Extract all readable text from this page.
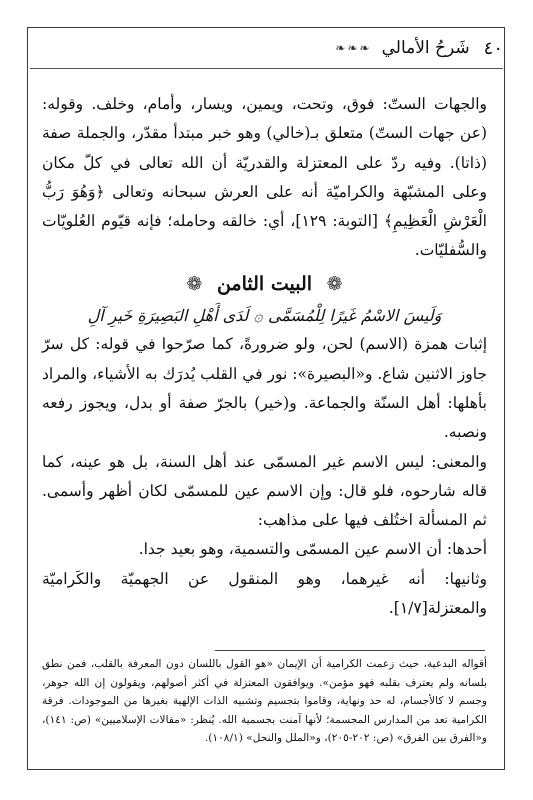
٤٠
شَرحُ الأمالي
❧❧❧

والجهات الستّ: فوق، وتحت، ويمين، ويسار، وأمام، وخلف. وقوله: (عن جهات الستّ) متعلق بـ(خالي) وهو خبر مبتدأ مقدّر، والجملة صفة (ذاتا). وفيه ردّ على المعتزلة والقدريّة أن الله تعالى في كلّ مكان وعلى المشبّهة والكراميّة أنه على العرش سبحانه وتعالى ﴿وَهُوَ رَبُّ الْعَرْشِ الْعَظِيمِ﴾ [التوبة: ١٢٩]، أي: خالقه وحامله؛ فإنه قيّوم العُلويّات والسُّفليّات.

❁ البيت الثامن ❁

وَلَيسَ الاسْمُ غَيرًا لِلْمُسَمَّى ۞ لَدَى أَهْلِ البَصِيرَةِ خَيرِ آلِ

إثبات همزة (الاسم) لحن، ولو ضرورةً، كما صرّحوا في قوله: كل سرّ جاوز الاثنين شاع. و«البصيرة»: نور في القلب يُدرَك به الأشياء، والمراد بأهلها: أهل السنّة والجماعة. و(خير) بالجرّ صفة أو بدل، ويجوز رفعه ونصبه.

والمعنى: ليس الاسم غير المسمّى عند أهل السنة، بل هو عينه، كما قاله شارحوه، فلو قال: وإن الاسم عين للمسمّى لكان أظهر وأسمى. ثم المسألة اختُلف فيها على مذاهب:

أحدها: أن الاسم عين المسمّى والتسمية، وهو بعيد جدا.

وثانيها: أنه غيرهما، وهو المنقول عن الجهميّة والكَراميّة والمعتزلة[١/٧].

أقواله البدعية، حيث زعمت الكرامية أن الإيمان «هو القول باللسان دون المعرفة بالقلب، فمن نطق بلسانه ولم يعترف بقلبه فهو مؤمن». ويوافقون المعتزلة في أكثر أصولهم، ويقولون إن الله جوهر، وجسم لا كالأجسام، له حد ونهاية، وقاموا بتجسيم وتشبيه الذات الإلهية بغيرها من الموجودات. فرقة الكرامية تعد من المدارس المجسمة؛ لأنها آمنت بجسمية الله. يُنظر: «مقالات الإسلاميين» (ص: ١٤١)، و«الفرق بين الفرق» (ص: ٢٠٢-٢٠٥)، و«الملل والنحل» (١٠٨/١).
